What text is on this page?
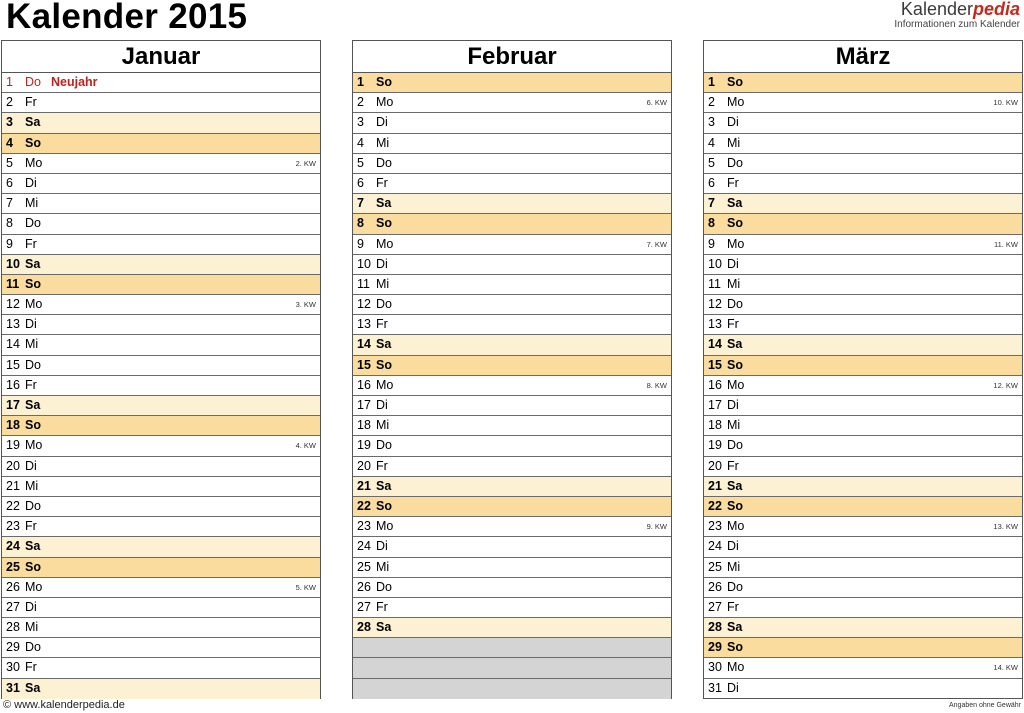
Kalender 2015	Kalenderpedia
Informationen zum Kalender
Januar
1 Do Neujahr
2 Fr
3 Sa
4 So
5 Mo	2. KW
6 Di
7 Mi
8 Do
9 Fr
10 Sa
11 So
12 Mo	3. KW
13 Di
14 Mi
15 Do
16 Fr
17 Sa
18 So
19 Mo	4. KW
20 Di
21 Mi
22 Do
23 Fr
24 Sa
25 So
26 Mo	5. KW
27 Di
28 Mi
29 Do
30 Fr
31 Sa
Februar
1 So
2 Mo	6. KW
3 Di
4 Mi
5 Do
6 Fr
7 Sa
8 So
9 Mo	7. KW
10 Di
11 Mi
12 Do
13 Fr
14 Sa
15 So
16 Mo	8. KW
17 Di
18 Mi
19 Do
20 Fr
21 Sa
22 So
23 Mo	9. KW
24 Di
25 Mi
26 Do
27 Fr
28 Sa
März
1 So
2 Mo	10. KW
3 Di
4 Mi
5 Do
6 Fr
7 Sa
8 So
9 Mo	11. KW
10 Di
11 Mi
12 Do
13 Fr
14 Sa
15 So
16 Mo	12. KW
17 Di
18 Mi
19 Do
20 Fr
21 Sa
22 So
23 Mo	13. KW
24 Di
25 Mi
26 Do
27 Fr
28 Sa
29 So
30 Mo	14. KW
31 Di
© www.kalenderpedia.de	Angaben ohne Gewähr
